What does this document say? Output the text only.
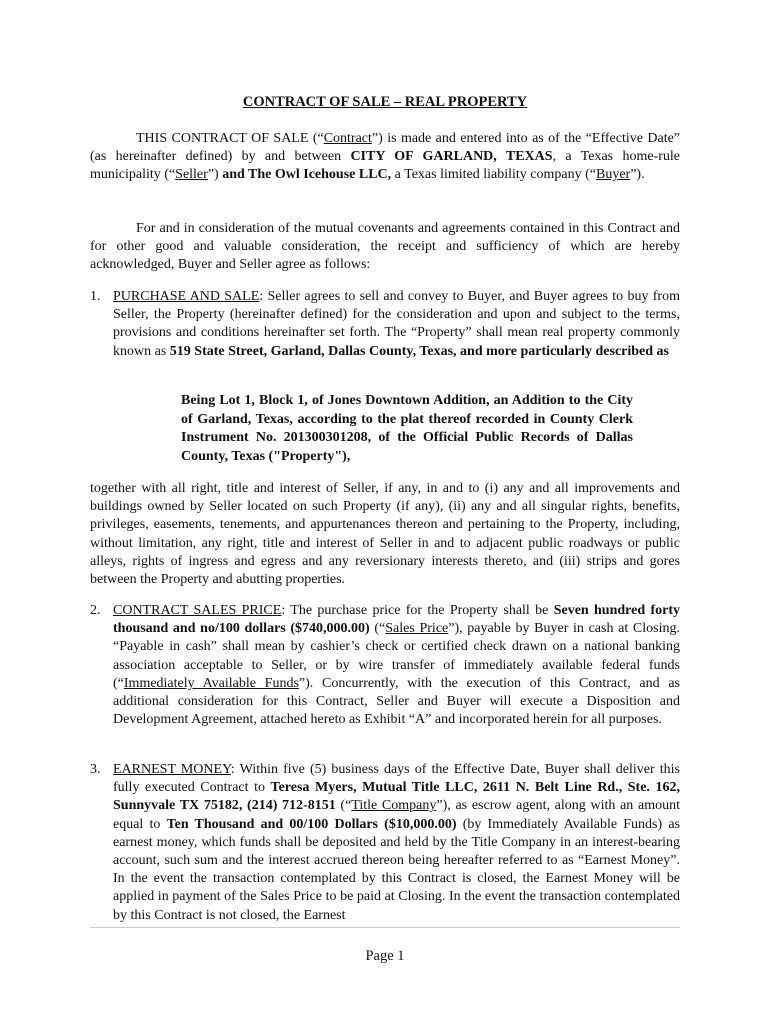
CONTRACT OF SALE – REAL PROPERTY

THIS CONTRACT OF SALE (“Contract”) is made and entered into as of the “Effective Date” (as hereinafter defined) by and between CITY OF GARLAND, TEXAS, a Texas home-rule municipality (“Seller”) and The Owl Icehouse LLC, a Texas limited liability company (“Buyer”).

For and in consideration of the mutual covenants and agreements contained in this Contract and for other good and valuable consideration, the receipt and sufficiency of which are hereby acknowledged, Buyer and Seller agree as follows:

1. PURCHASE AND SALE: Seller agrees to sell and convey to Buyer, and Buyer agrees to buy from Seller, the Property (hereinafter defined) for the consideration and upon and subject to the terms, provisions and conditions hereinafter set forth. The “Property” shall mean real property commonly known as 519 State Street, Garland, Dallas County, Texas, and more particularly described as

Being Lot 1, Block 1, of Jones Downtown Addition, an Addition to the City of Garland, Texas, according to the plat thereof recorded in County Clerk Instrument No. 201300301208, of the Official Public Records of Dallas County, Texas ("Property"),

together with all right, title and interest of Seller, if any, in and to (i) any and all improvements and buildings owned by Seller located on such Property (if any), (ii) any and all singular rights, benefits, privileges, easements, tenements, and appurtenances thereon and pertaining to the Property, including, without limitation, any right, title and interest of Seller in and to adjacent public roadways or public alleys, rights of ingress and egress and any reversionary interests thereto, and (iii) strips and gores between the Property and abutting properties.

2. CONTRACT SALES PRICE: The purchase price for the Property shall be Seven hundred forty thousand and no/100 dollars ($740,000.00) (“Sales Price”), payable by Buyer in cash at Closing. “Payable in cash” shall mean by cashier’s check or certified check drawn on a national banking association acceptable to Seller, or by wire transfer of immediately available federal funds (“Immediately Available Funds”). Concurrently, with the execution of this Contract, and as additional consideration for this Contract, Seller and Buyer will execute a Disposition and Development Agreement, attached hereto as Exhibit “A” and incorporated herein for all purposes.

3. EARNEST MONEY: Within five (5) business days of the Effective Date, Buyer shall deliver this fully executed Contract to Teresa Myers, Mutual Title LLC, 2611 N. Belt Line Rd., Ste. 162, Sunnyvale TX 75182, (214) 712-8151 (“Title Company”), as escrow agent, along with an amount equal to Ten Thousand and 00/100 Dollars ($10,000.00) (by Immediately Available Funds) as earnest money, which funds shall be deposited and held by the Title Company in an interest-bearing account, such sum and the interest accrued thereon being hereafter referred to as “Earnest Money”. In the event the transaction contemplated by this Contract is closed, the Earnest Money will be applied in payment of the Sales Price to be paid at Closing. In the event the transaction contemplated by this Contract is not closed, the Earnest

Page 1
